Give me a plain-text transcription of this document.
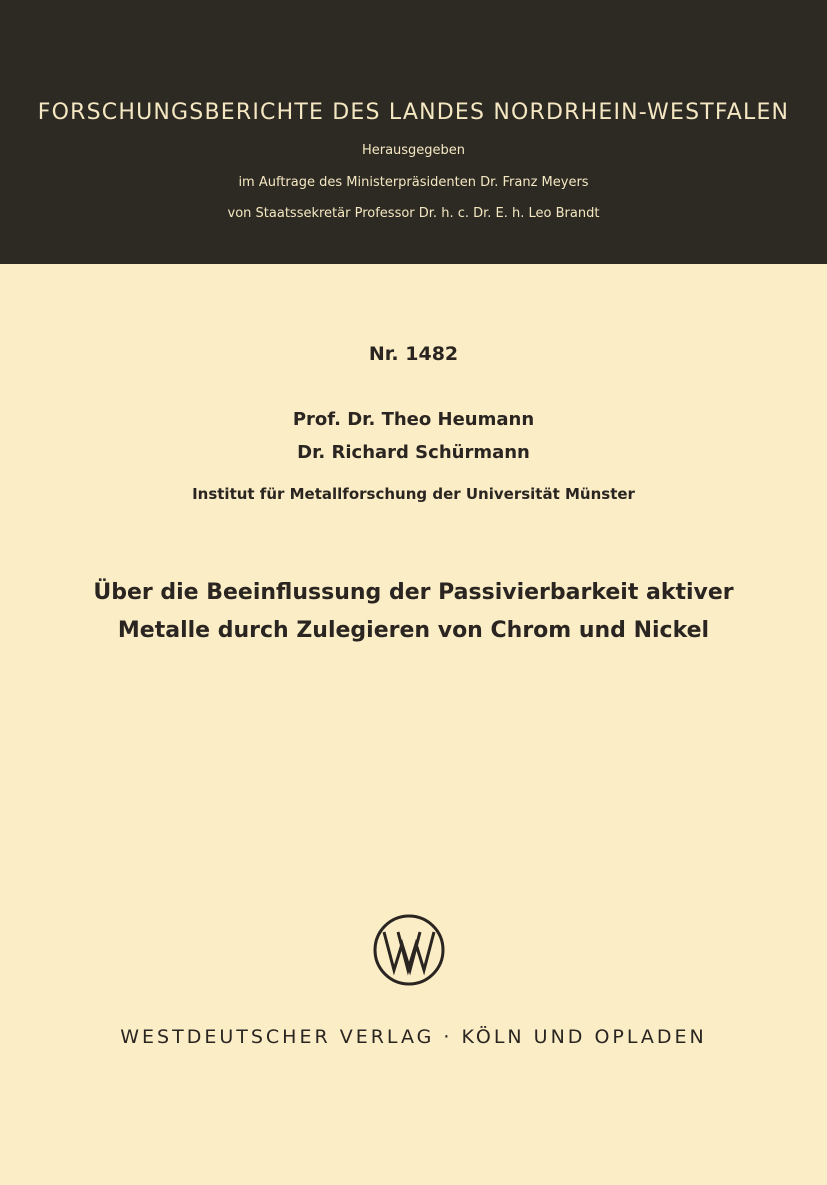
FORSCHUNGSBERICHTE DES LANDES NORDRHEIN-WESTFALEN
Herausgegeben
im Auftrage des Ministerpräsidenten Dr. Franz Meyers
von Staatssekretär Professor Dr. h. c. Dr. E. h. Leo Brandt
Nr. 1482
Prof. Dr. Theo Heumann
Dr. Richard Schürmann
Institut für Metallforschung der Universität Münster
Über die Beeinflussung der Passivierbarkeit aktiver
Metalle durch Zulegieren von Chrom und Nickel
WESTDEUTSCHER VERLAG · KÖLN UND OPLADEN
